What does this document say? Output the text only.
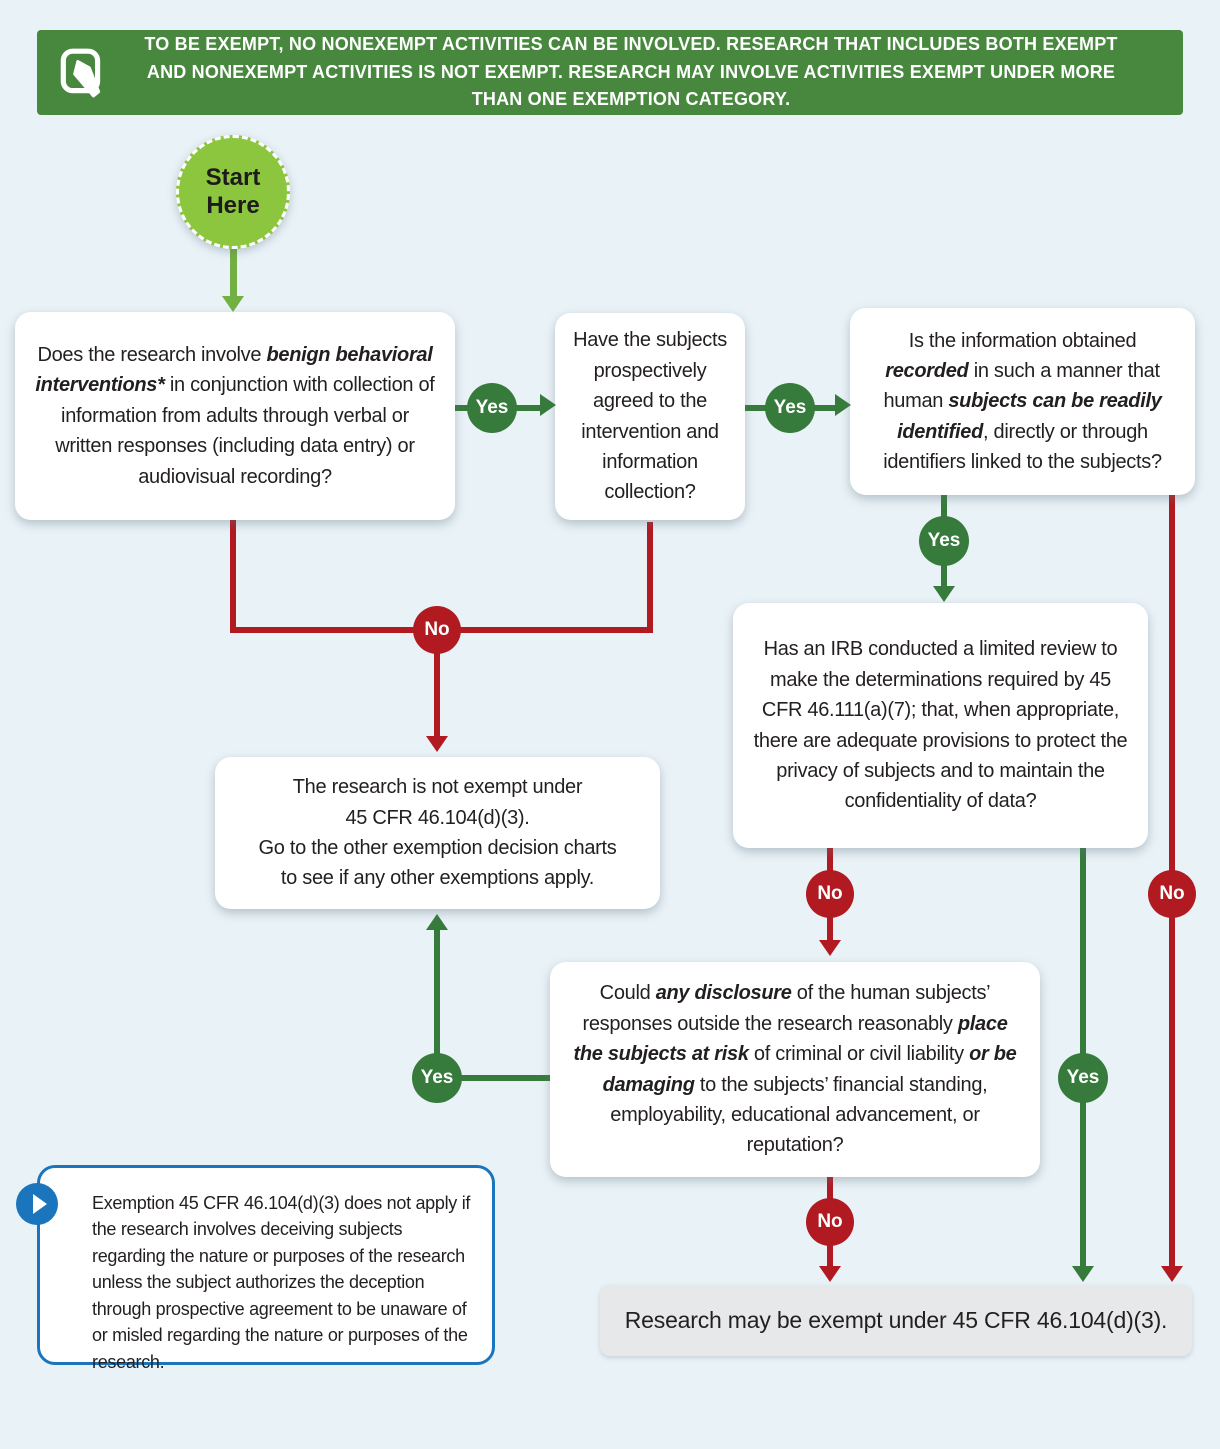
TO BE EXEMPT, NO NONEXEMPT ACTIVITIES CAN BE INVOLVED. RESEARCH THAT INCLUDES BOTH EXEMPT AND NONEXEMPT ACTIVITIES IS NOT EXEMPT. RESEARCH MAY INVOLVE ACTIVITIES EXEMPT UNDER MORE THAN ONE EXEMPTION CATEGORY.
Start Here
Does the research involve benign behavioral interventions* in conjunction with collection of information from adults through verbal or written responses (including data entry) or audiovisual recording?
Yes
Have the subjects prospectively agreed to the intervention and information collection?
Yes
Is the information obtained recorded in such a manner that human subjects can be readily identified, directly or through identifiers linked to the subjects?
Yes
No
Has an IRB conducted a limited review to make the determinations required by 45 CFR 46.111(a)(7); that, when appropriate, there are adequate provisions to protect the privacy of subjects and to maintain the confidentiality of data?
No
The research is not exempt under
45 CFR 46.104(d)(3).
Go to the other exemption decision charts
to see if any other exemptions apply.
No
Yes
Could any disclosure of the human subjects’ responses outside the research reasonably place the subjects at risk of criminal or civil liability or be damaging to the subjects’ financial standing, employability, educational advancement, or reputation?
Yes
No
Research may be exempt under 45 CFR 46.104(d)(3).
Exemption 45 CFR 46.104(d)(3) does not apply if the research involves deceiving subjects regarding the nature or purposes of the research unless the subject authorizes the deception through prospective agreement to be unaware of or misled regarding the nature or purposes of the research.
